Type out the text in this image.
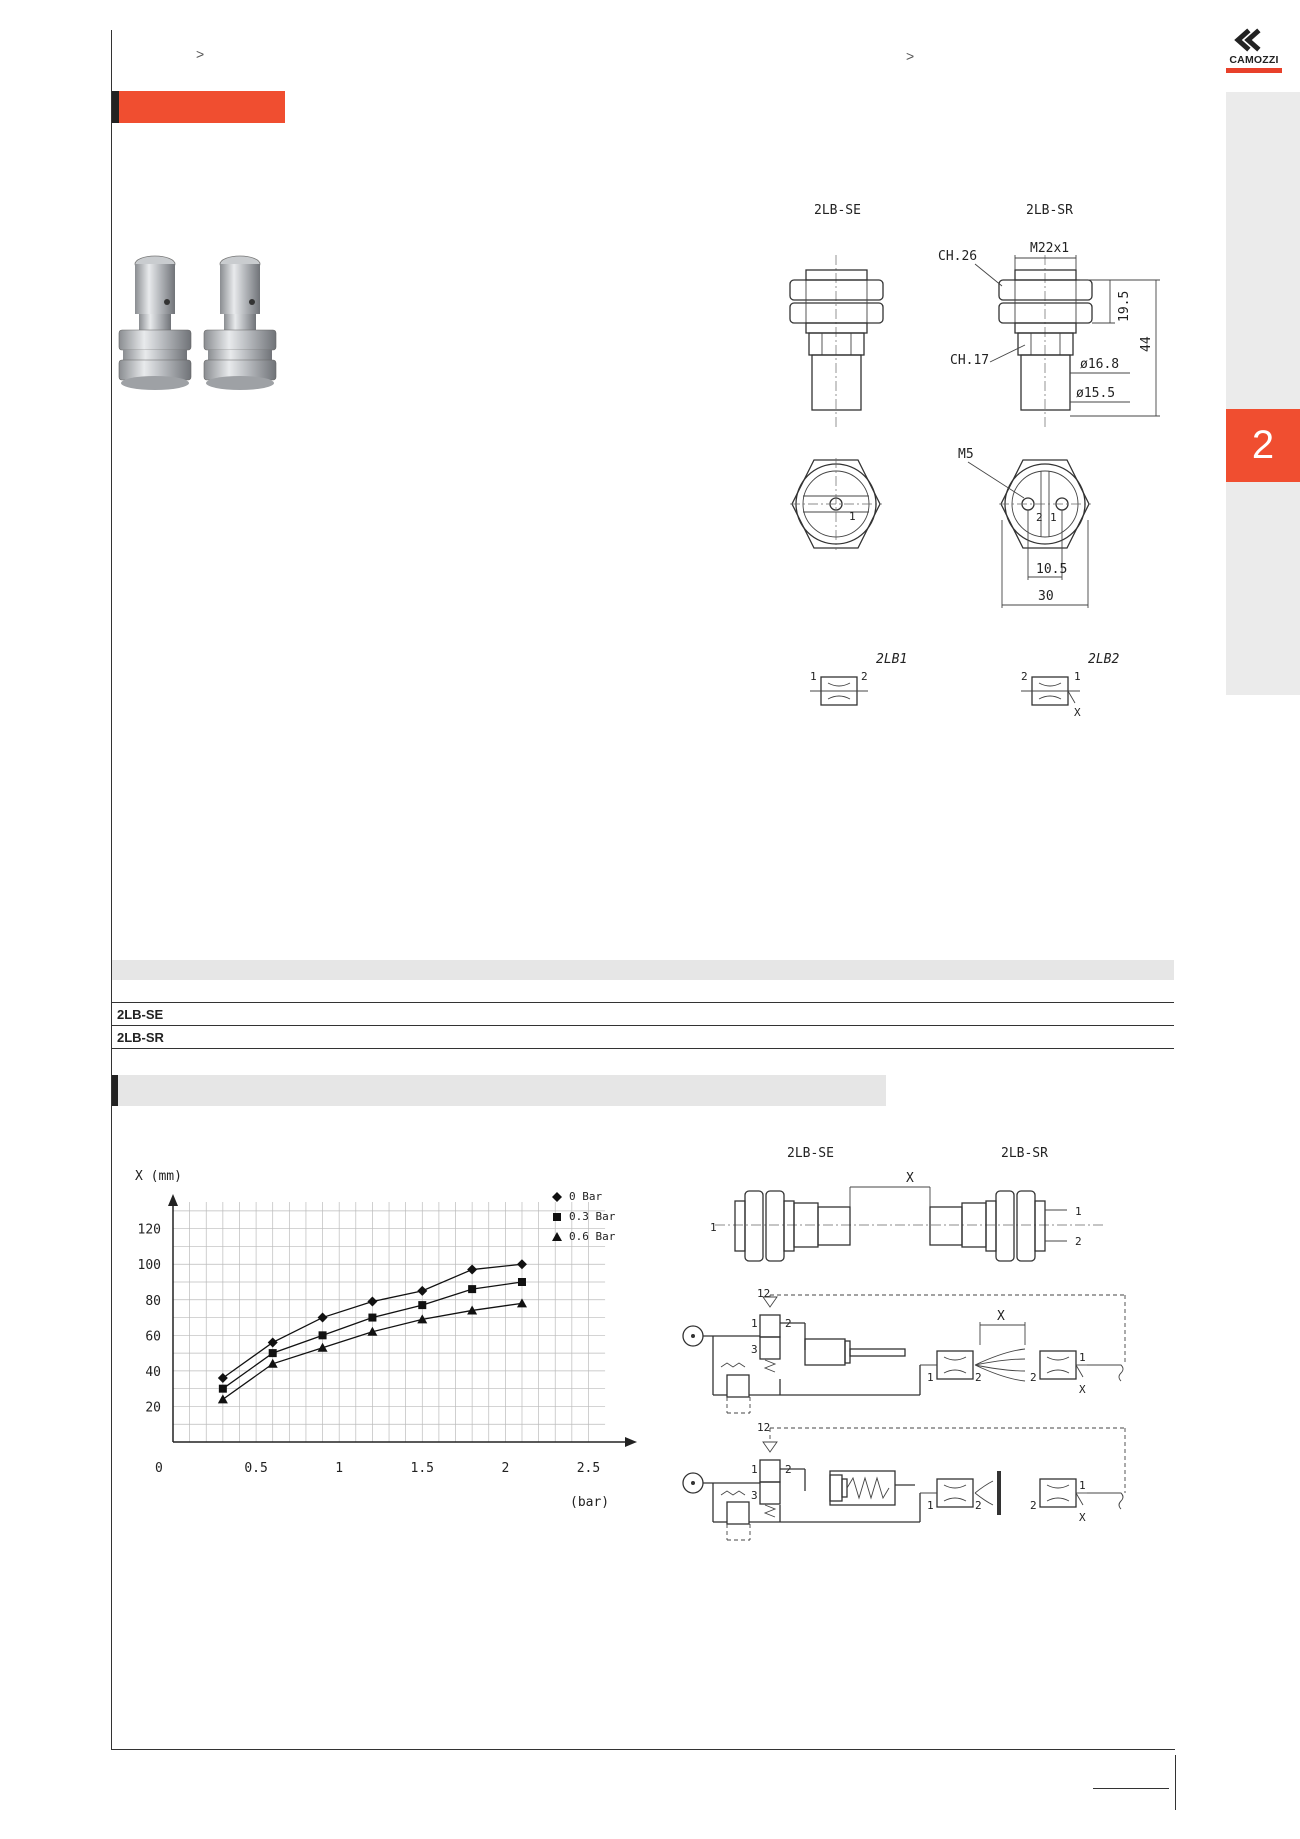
>	>	CAMOZZI
2
2LB-SE	2LB-SR
M22x1
CH.26
19.5
44
CH.17	ø16.8
ø15.5
1
M5
2 1
10.5
30
2LB1
1	2
2LB2
2	1
X
2LB-SE
2LB-SR
X (mm)
(bar)
0	0.5	1	1.5	2	2.5
20
40
60
80
100
120
0 Bar
0.3 Bar
0.6 Bar
2LB-SE	2LB-SR
X
1
1
2
12
1 2
3
1	2
X
2
1
X
12
1 2
3
1	2	2
1
X
